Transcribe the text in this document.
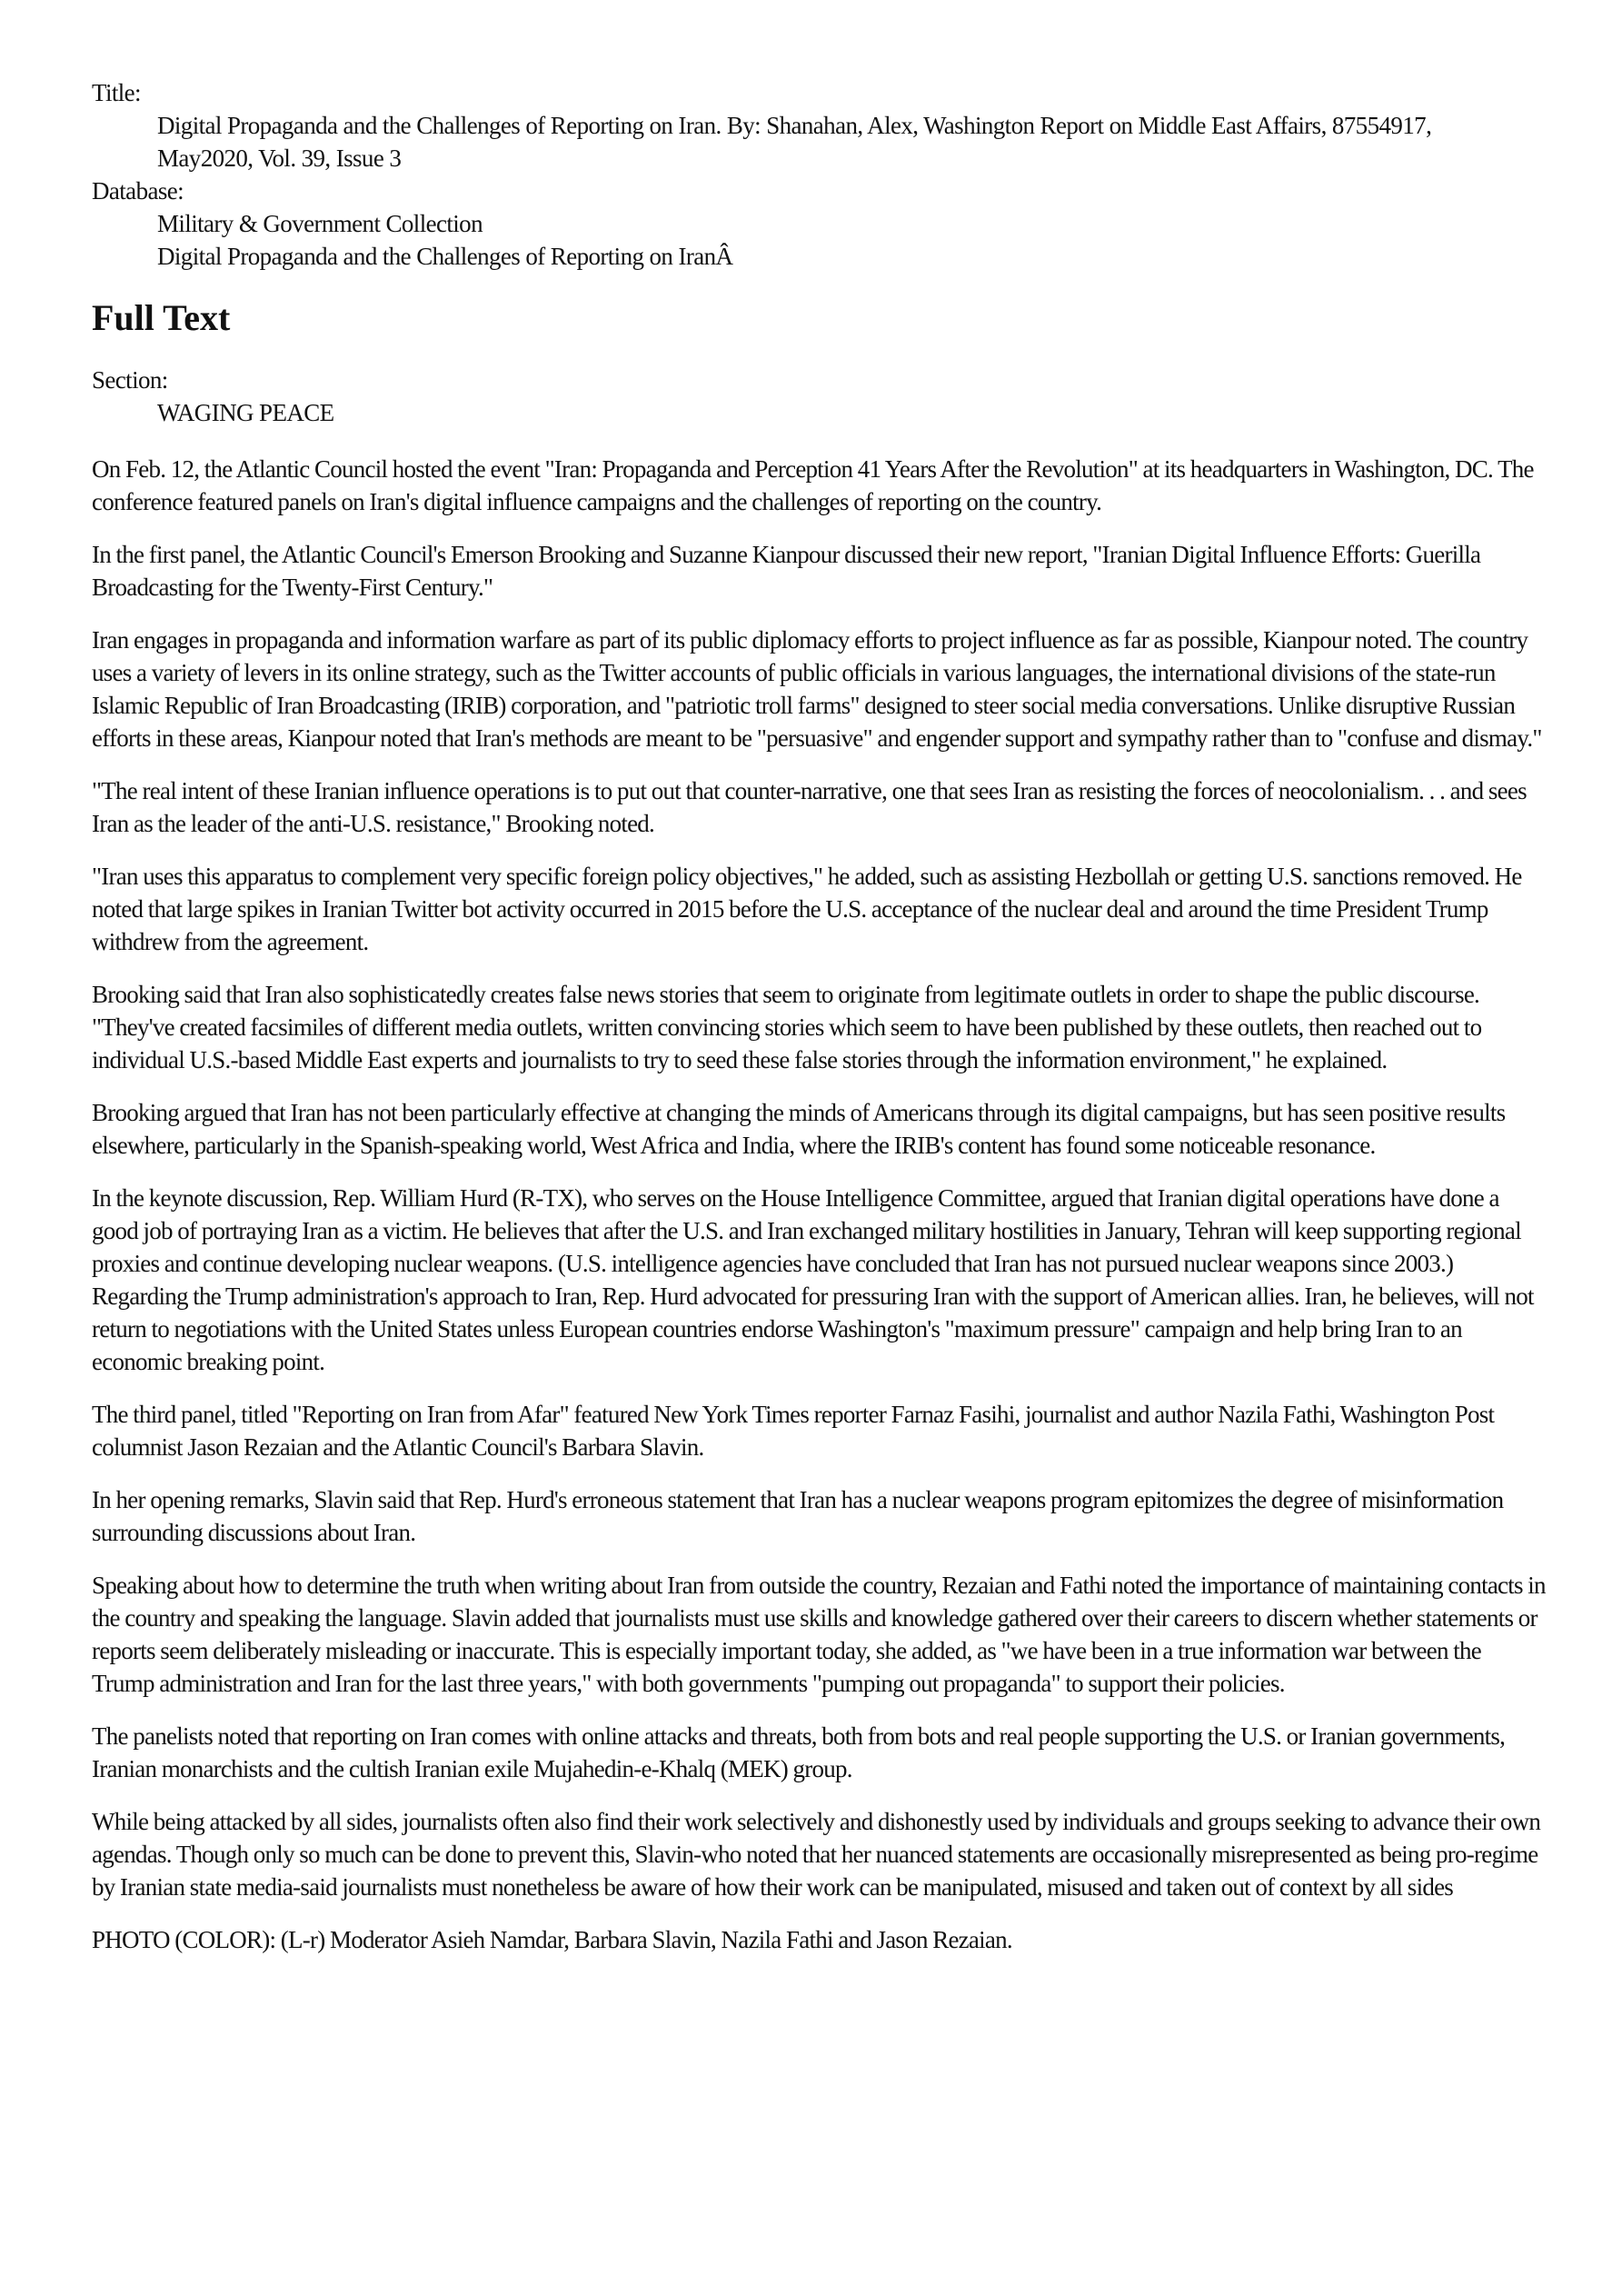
Title:
Digital Propaganda and the Challenges of Reporting on Iran. By: Shanahan, Alex, Washington Report on Middle East Affairs, 87554917,
May2020, Vol. 39, Issue 3
Database:
Military & Government Collection
Digital Propaganda and the Challenges of Reporting on IranÂ
Full Text
Section:
WAGING PEACE

On Feb. 12, the Atlantic Council hosted the event "Iran: Propaganda and Perception 41 Years After the Revolution" at its headquarters in Washington, DC. The conference featured panels on Iran's digital influence campaigns and the challenges of reporting on the country.

In the first panel, the Atlantic Council's Emerson Brooking and Suzanne Kianpour discussed their new report, "Iranian Digital Influence Efforts: Guerilla Broadcasting for the Twenty-First Century."

Iran engages in propaganda and information warfare as part of its public diplomacy efforts to project influence as far as possible, Kianpour noted. The country uses a variety of levers in its online strategy, such as the Twitter accounts of public officials in various languages, the international divisions of the state-run Islamic Republic of Iran Broadcasting (IRIB) corporation, and "patriotic troll farms" designed to steer social media conversations. Unlike disruptive Russian efforts in these areas, Kianpour noted that Iran's methods are meant to be "persuasive" and engender support and sympathy rather than to "confuse and dismay."

"The real intent of these Iranian influence operations is to put out that counter-narrative, one that sees Iran as resisting the forces of neocolonialism. . . and sees Iran as the leader of the anti-U.S. resistance," Brooking noted.

"Iran uses this apparatus to complement very specific foreign policy objectives," he added, such as assisting Hezbollah or getting U.S. sanctions removed. He noted that large spikes in Iranian Twitter bot activity occurred in 2015 before the U.S. acceptance of the nuclear deal and around the time President Trump withdrew from the agreement.

Brooking said that Iran also sophisticatedly creates false news stories that seem to originate from legitimate outlets in order to shape the public discourse. "They've created facsimiles of different media outlets, written convincing stories which seem to have been published by these outlets, then reached out to individual U.S.-based Middle East experts and journalists to try to seed these false stories through the information environment," he explained.

Brooking argued that Iran has not been particularly effective at changing the minds of Americans through its digital campaigns, but has seen positive results elsewhere, particularly in the Spanish-speaking world, West Africa and India, where the IRIB's content has found some noticeable resonance.

In the keynote discussion, Rep. William Hurd (R-TX), who serves on the House Intelligence Committee, argued that Iranian digital operations have done a good job of portraying Iran as a victim. He believes that after the U.S. and Iran exchanged military hostilities in January, Tehran will keep supporting regional proxies and continue developing nuclear weapons. (U.S. intelligence agencies have concluded that Iran has not pursued nuclear weapons since 2003.) Regarding the Trump administration's approach to Iran, Rep. Hurd advocated for pressuring Iran with the support of American allies. Iran, he believes, will not return to negotiations with the United States unless European countries endorse Washington's "maximum pressure" campaign and help bring Iran to an economic breaking point.

The third panel, titled "Reporting on Iran from Afar" featured New York Times reporter Farnaz Fasihi, journalist and author Nazila Fathi, Washington Post columnist Jason Rezaian and the Atlantic Council's Barbara Slavin.

In her opening remarks, Slavin said that Rep. Hurd's erroneous statement that Iran has a nuclear weapons program epitomizes the degree of misinformation surrounding discussions about Iran.

Speaking about how to determine the truth when writing about Iran from outside the country, Rezaian and Fathi noted the importance of maintaining contacts in the country and speaking the language. Slavin added that journalists must use skills and knowledge gathered over their careers to discern whether statements or reports seem deliberately misleading or inaccurate. This is especially important today, she added, as "we have been in a true information war between the Trump administration and Iran for the last three years," with both governments "pumping out propaganda" to support their policies.

The panelists noted that reporting on Iran comes with online attacks and threats, both from bots and real people supporting the U.S. or Iranian governments, Iranian monarchists and the cultish Iranian exile Mujahedin-e-Khalq (MEK) group.

While being attacked by all sides, journalists often also find their work selectively and dishonestly used by individuals and groups seeking to advance their own agendas. Though only so much can be done to prevent this, Slavin-who noted that her nuanced statements are occasionally misrepresented as being pro-regime by Iranian state media-said journalists must nonetheless be aware of how their work can be manipulated, misused and taken out of context by all sides

PHOTO (COLOR): (L-r) Moderator Asieh Namdar, Barbara Slavin, Nazila Fathi and Jason Rezaian.
